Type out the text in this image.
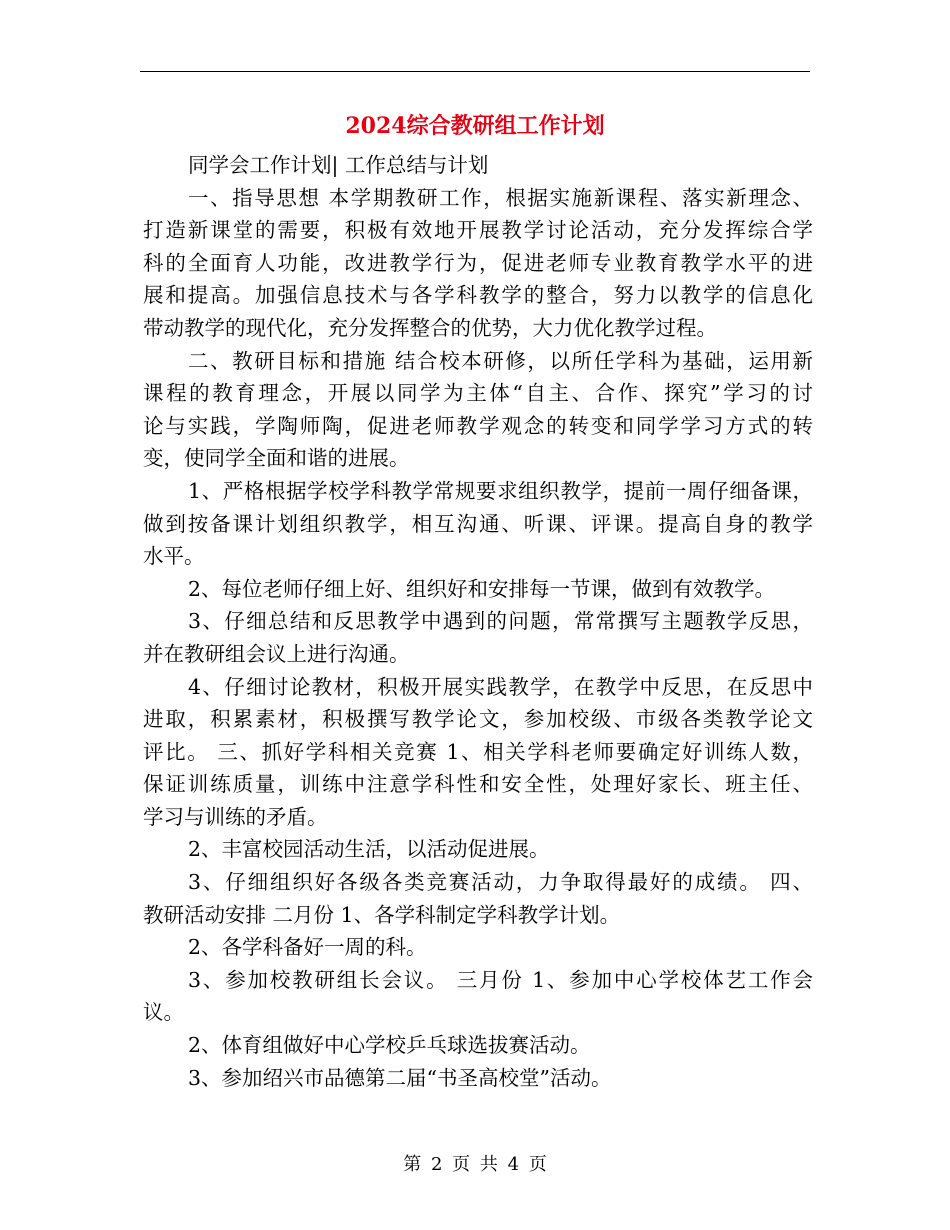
2024综合教研组工作计划
同学会工作计划| 工作总结与计划
一、指导思想 本学期教研工作，根据实施新课程、落实新理念、
打造新课堂的需要，积极有效地开展教学讨论活动，充分发挥综合学
科的全面育人功能，改进教学行为，促进老师专业教育教学水平的进
展和提高。加强信息技术与各学科教学的整合，努力以教学的信息化
带动教学的现代化，充分发挥整合的优势，大力优化教学过程。
二、教研目标和措施 结合校本研修，以所任学科为基础，运用新
课程的教育理念，开展以同学为主体“自主、合作、探究”学习的讨
论与实践，学陶师陶，促进老师教学观念的转变和同学学习方式的转
变，使同学全面和谐的进展。
1、严格根据学校学科教学常规要求组织教学，提前一周仔细备课，
做到按备课计划组织教学，相互沟通、听课、评课。提高自身的教学
水平。
2、每位老师仔细上好、组织好和安排每一节课，做到有效教学。
3、仔细总结和反思教学中遇到的问题，常常撰写主题教学反思，
并在教研组会议上进行沟通。
4、仔细讨论教材，积极开展实践教学，在教学中反思，在反思中
进取，积累素材，积极撰写教学论文，参加校级、市级各类教学论文
评比。 三、抓好学科相关竞赛 1、相关学科老师要确定好训练人数，
保证训练质量，训练中注意学科性和安全性，处理好家长、班主任、
学习与训练的矛盾。
2、丰富校园活动生活，以活动促进展。
3、仔细组织好各级各类竞赛活动，力争取得最好的成绩。 四、
教研活动安排 二月份 1、各学科制定学科教学计划。
2、各学科备好一周的科。
3、参加校教研组长会议。 三月份 1、参加中心学校体艺工作会
议。
2、体育组做好中心学校乒乓球选拔赛活动。
3、参加绍兴市品德第二届“书圣高校堂”活动。
第 2 页 共 4 页
